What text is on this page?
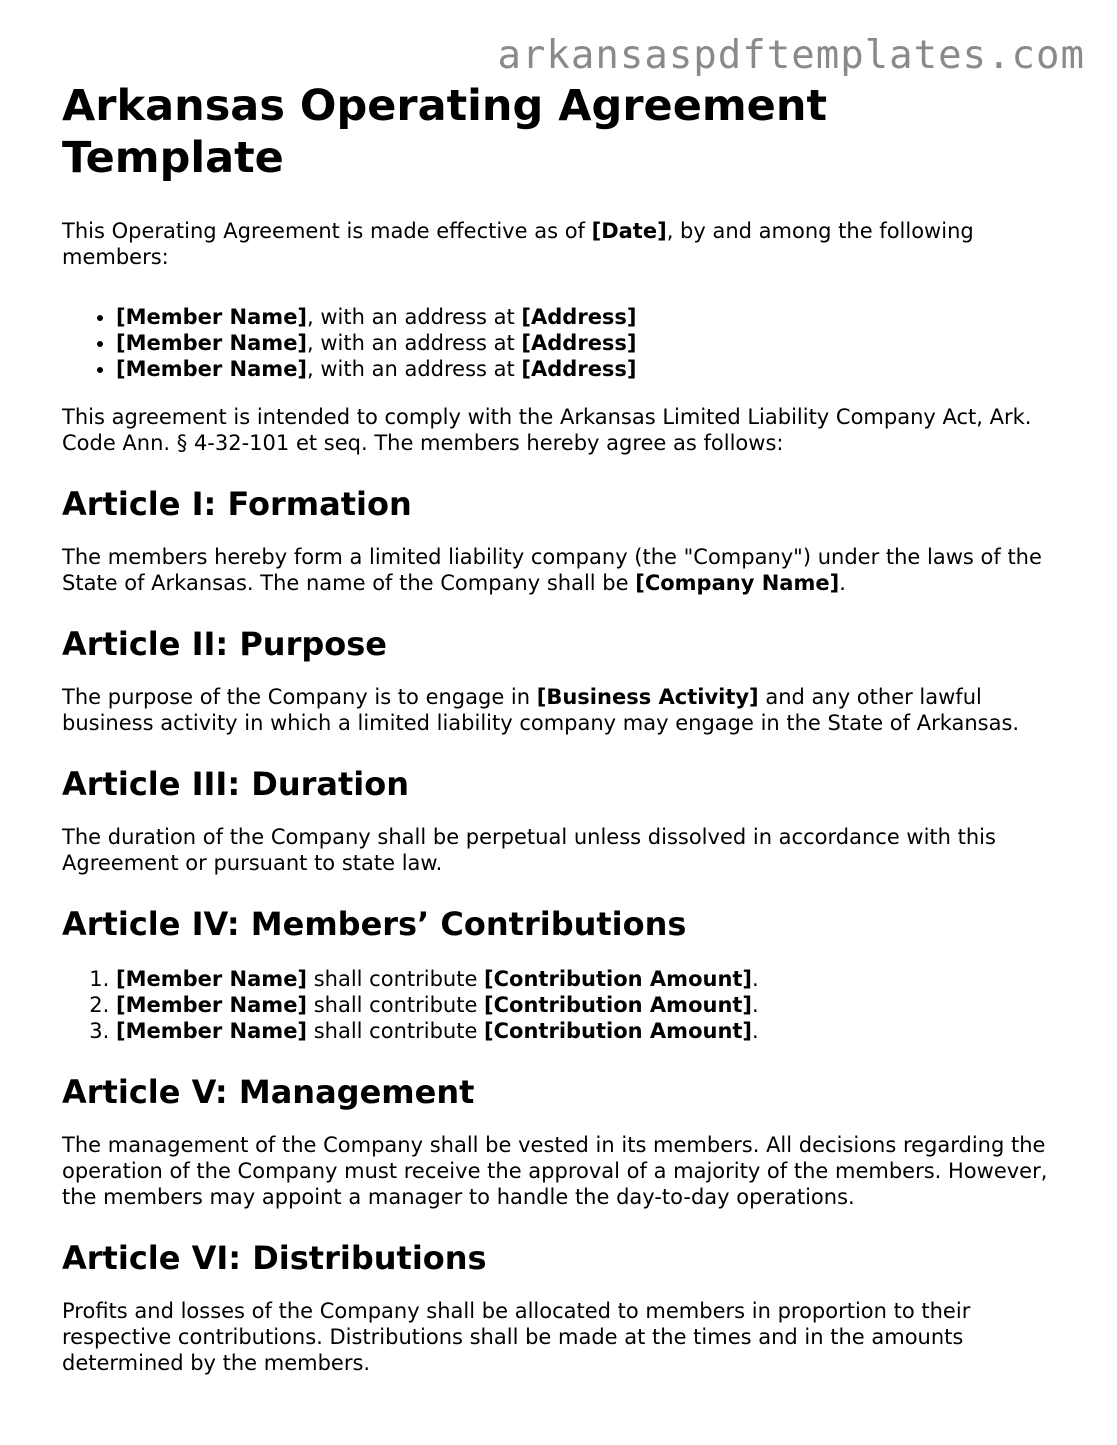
arkansaspdftemplates.com
Arkansas Operating Agreement Template

This Operating Agreement is made effective as of [Date], by and among the following members:

• [Member Name], with an address at [Address]
• [Member Name], with an address at [Address]
• [Member Name], with an address at [Address]

This agreement is intended to comply with the Arkansas Limited Liability Company Act, Ark. Code Ann. § 4-32-101 et seq. The members hereby agree as follows:

Article I: Formation

The members hereby form a limited liability company (the "Company") under the laws of the State of Arkansas. The name of the Company shall be [Company Name].

Article II: Purpose

The purpose of the Company is to engage in [Business Activity] and any other lawful business activity in which a limited liability company may engage in the State of Arkansas.

Article III: Duration

The duration of the Company shall be perpetual unless dissolved in accordance with this Agreement or pursuant to state law.

Article IV: Members’ Contributions
1. [Member Name] shall contribute [Contribution Amount].
2. [Member Name] shall contribute [Contribution Amount].
3. [Member Name] shall contribute [Contribution Amount].
Article V: Management

The management of the Company shall be vested in its members. All decisions regarding the operation of the Company must receive the approval of a majority of the members. However, the members may appoint a manager to handle the day-to-day operations.

Article VI: Distributions

Profits and losses of the Company shall be allocated to members in proportion to their respective contributions. Distributions shall be made at the times and in the amounts determined by the members.
